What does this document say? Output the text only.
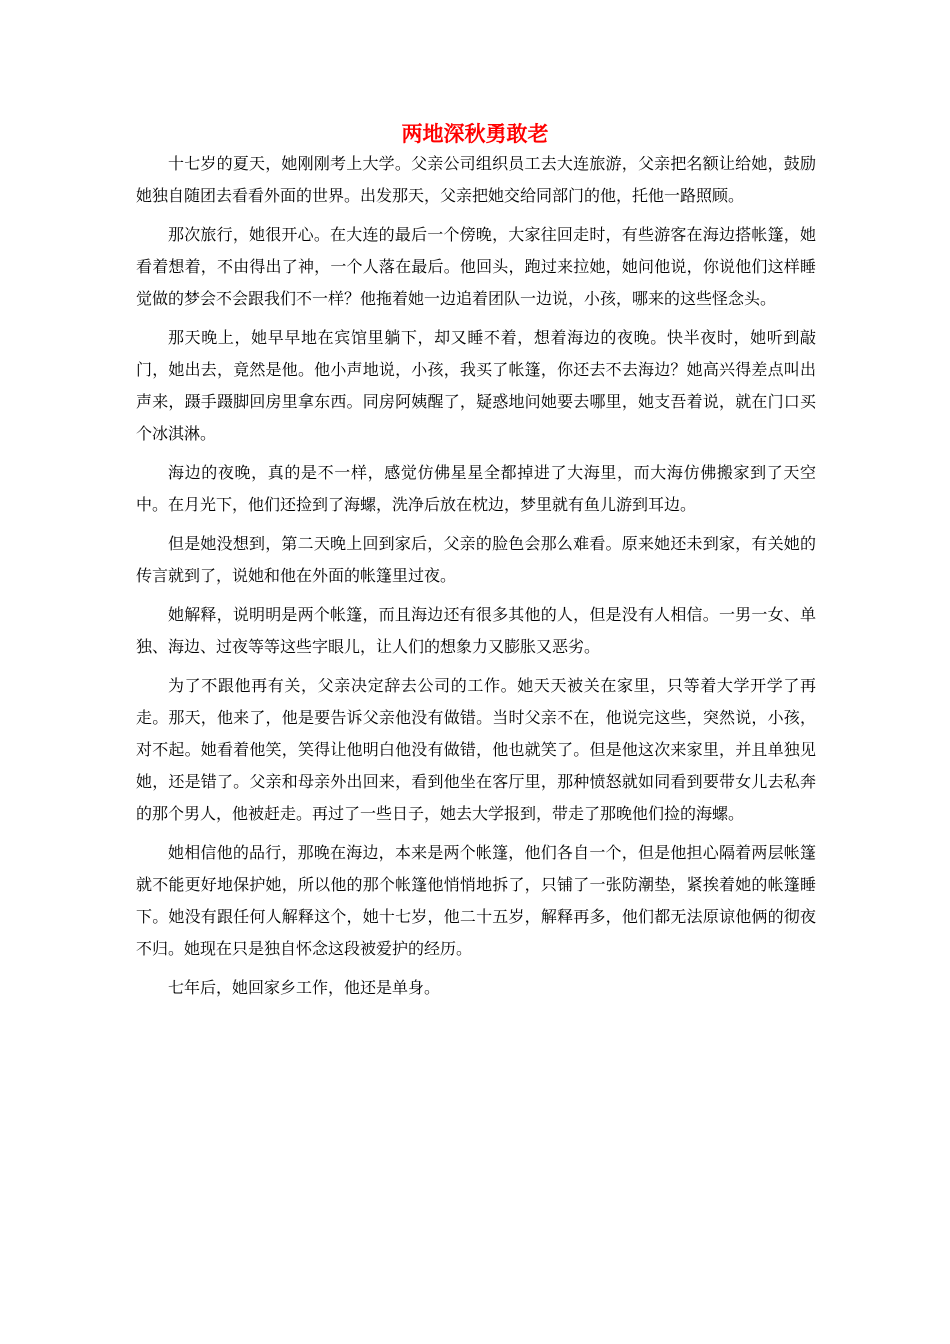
两地深秋勇敢老

十七岁的夏天，她刚刚考上大学。父亲公司组织员工去大连旅游，父亲把名额让给她，鼓励她独自随团去看看外面的世界。出发那天，父亲把她交给同部门的他，托他一路照顾。

那次旅行，她很开心。在大连的最后一个傍晚，大家往回走时，有些游客在海边搭帐篷，她看着想着，不由得出了神，一个人落在最后。他回头，跑过来拉她，她问他说，你说他们这样睡觉做的梦会不会跟我们不一样？他拖着她一边追着团队一边说，小孩，哪来的这些怪念头。

那天晚上，她早早地在宾馆里躺下，却又睡不着，想着海边的夜晚。快半夜时，她听到敲门，她出去，竟然是他。他小声地说，小孩，我买了帐篷，你还去不去海边？她高兴得差点叫出声来，蹑手蹑脚回房里拿东西。同房阿姨醒了，疑惑地问她要去哪里，她支吾着说，就在门口买个冰淇淋。

海边的夜晚，真的是不一样，感觉仿佛星星全都掉进了大海里，而大海仿佛搬家到了天空中。在月光下，他们还捡到了海螺，洗净后放在枕边，梦里就有鱼儿游到耳边。

但是她没想到，第二天晚上回到家后，父亲的脸色会那么难看。原来她还未到家，有关她的传言就到了，说她和他在外面的帐篷里过夜。

她解释，说明明是两个帐篷，而且海边还有很多其他的人，但是没有人相信。一男一女、单独、海边、过夜等等这些字眼儿，让人们的想象力又膨胀又恶劣。

为了不跟他再有关，父亲决定辞去公司的工作。她天天被关在家里，只等着大学开学了再走。那天，他来了，他是要告诉父亲他没有做错。当时父亲不在，他说完这些，突然说，小孩，对不起。她看着他笑，笑得让他明白他没有做错，他也就笑了。但是他这次来家里，并且单独见她，还是错了。父亲和母亲外出回来，看到他坐在客厅里，那种愤怒就如同看到要带女儿去私奔的那个男人，他被赶走。再过了一些日子，她去大学报到，带走了那晚他们捡的海螺。

她相信他的品行，那晚在海边，本来是两个帐篷，他们各自一个，但是他担心隔着两层帐篷就不能更好地保护她，所以他的那个帐篷他悄悄地拆了，只铺了一张防潮垫，紧挨着她的帐篷睡下。她没有跟任何人解释这个，她十七岁，他二十五岁，解释再多，他们都无法原谅他俩的彻夜不归。她现在只是独自怀念这段被爱护的经历。

七年后，她回家乡工作，他还是单身。
